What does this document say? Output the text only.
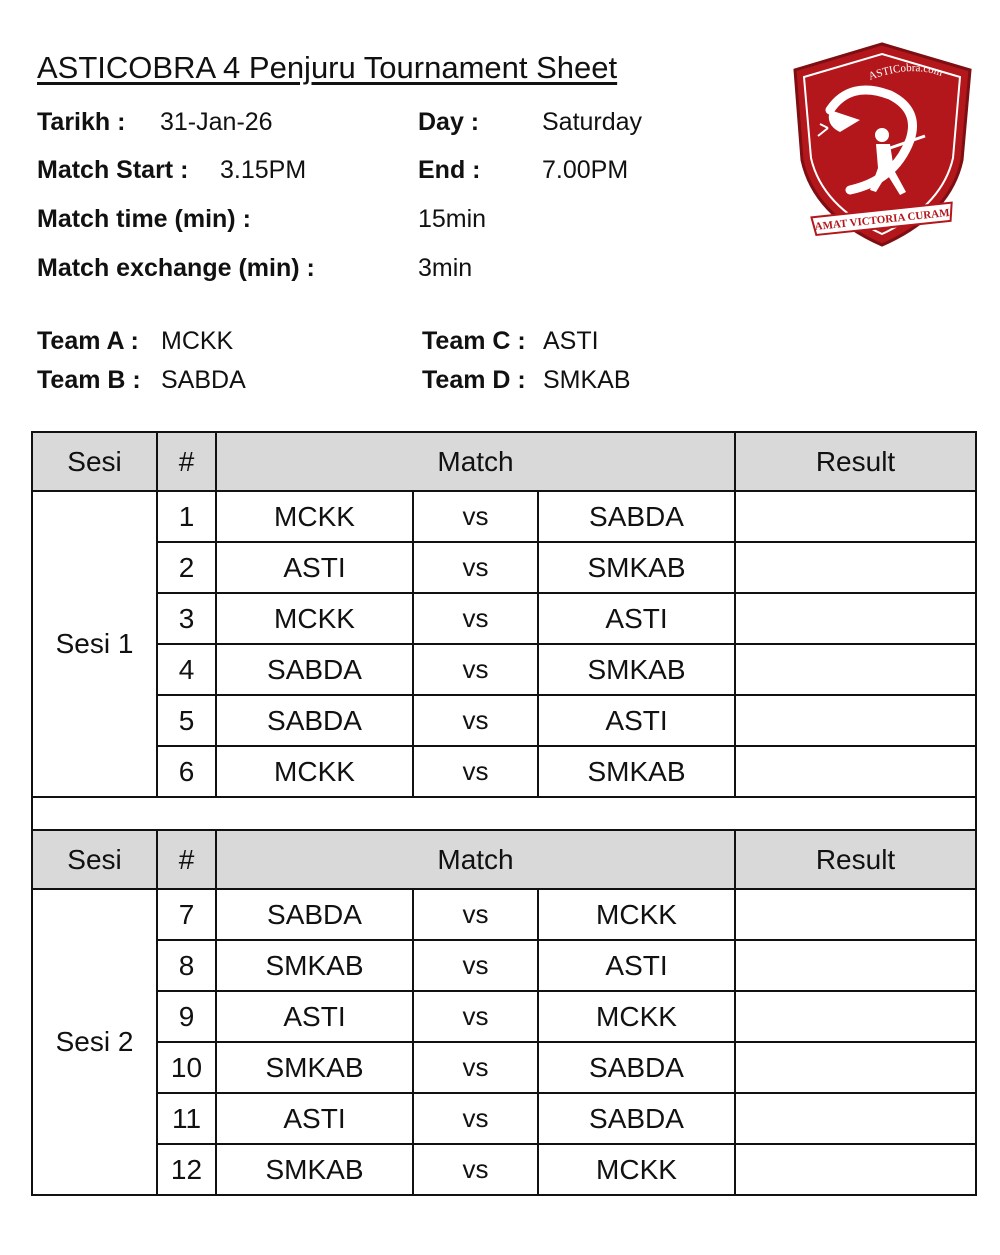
ASTICOBRA 4 Penjuru Tournament Sheet
Tarikh : 31-Jan-26	Day :	Saturday
Match Start : 3.15PM	End : 7.00PM
Match time (min) :	15min
Match exchange (min) :	3min
Team A : MCKK
Team B : SABDA
Team C : ASTI
Team D : SMKAB
ASTICobra.com
AMAT VICTORIA CURAM
Sesi	#	Match			Result
Sesi 1	1	MCKK	vs	SABDA	
	2	ASTI	vs	SMKAB	
	3	MCKK	vs	ASTI	
	4	SABDA	vs	SMKAB	
	5	SABDA	vs	ASTI	
	6	MCKK	vs	SMKAB	

Sesi	#	Match			Result
Sesi 2	7	SABDA	vs	MCKK	
	8	SMKAB	vs	ASTI	
	9	ASTI	vs	MCKK	
	10	SMKAB	vs	SABDA	
	11	ASTI	vs	SABDA	
	12	SMKAB	vs	MCKK	
